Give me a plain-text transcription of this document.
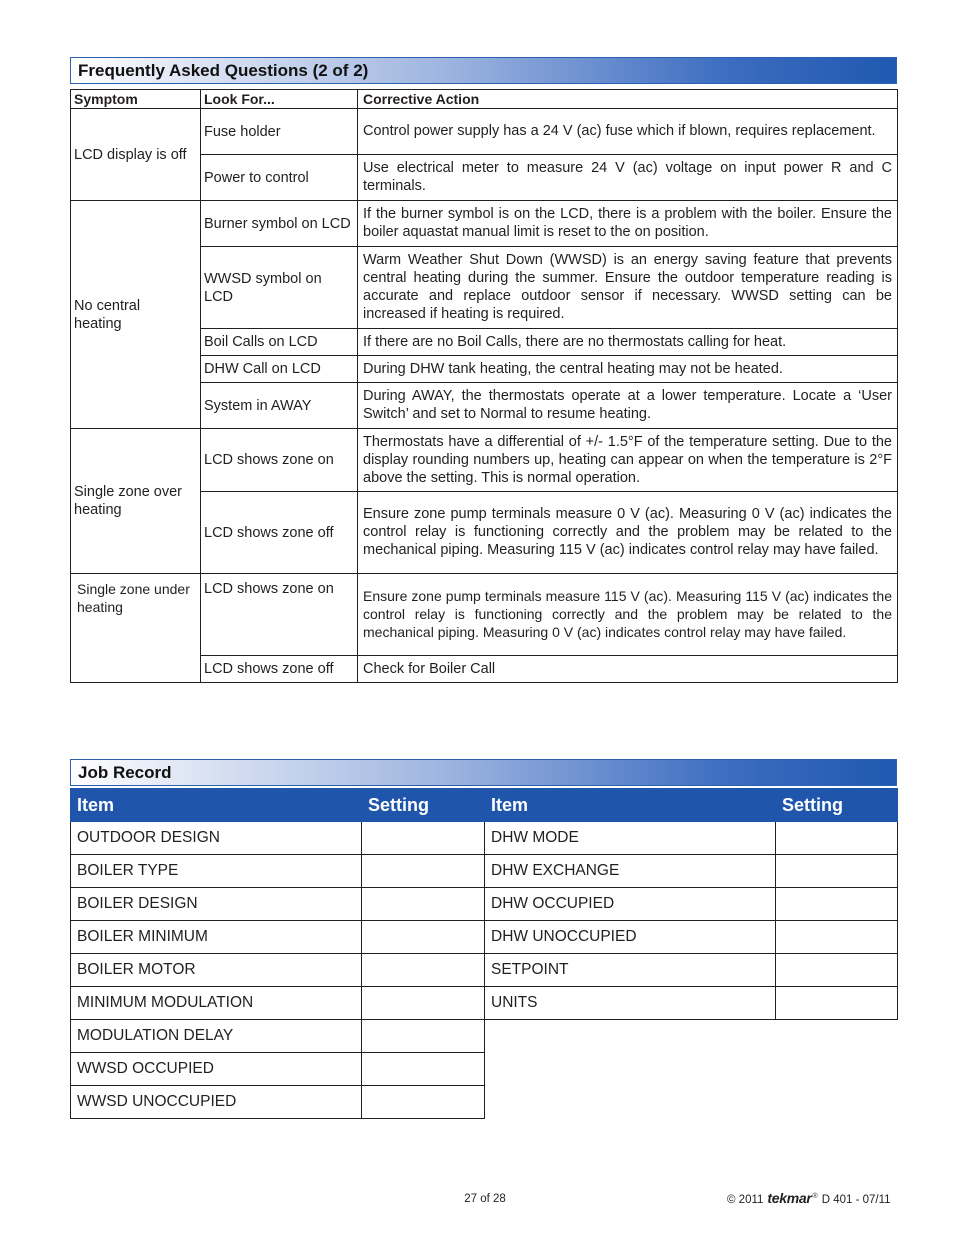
Frequently Asked Questions (2 of 2)
Symptom	Look For...	Corrective Action
LCD display is off	Fuse holder	Control power supply has a 24 V (ac) fuse which if blown, requires replacement.
	Power to control	Use electrical meter to measure 24 V (ac) voltage on input power R and C terminals.
No central heating	Burner symbol on LCD	If the burner symbol is on the LCD, there is a problem with the boiler. Ensure the boiler aquastat manual limit is reset to the on position.
	WWSD symbol on LCD	Warm Weather Shut Down (WWSD) is an energy saving feature that prevents central heating during the summer. Ensure the outdoor temperature reading is accurate and replace outdoor sensor if necessary. WWSD setting can be increased if heating is required.
	Boil Calls on LCD	If there are no Boil Calls, there are no thermostats calling for heat.
	DHW Call on LCD	During DHW tank heating, the central heating may not be heated.
	System in AWAY	During AWAY, the thermostats operate at a lower temperature. Locate a ‘User Switch’ and set to Normal to resume heating.
Single zone over heating	LCD shows zone on	Thermostats have a differential of +/- 1.5°F of the temperature setting. Due to the display rounding numbers up, heating can appear on when the temperature is 2°F above the setting. This is normal operation.
	LCD shows zone off	Ensure zone pump terminals measure 0 V (ac). Measuring 0 V (ac) indicates the control relay is functioning correctly and the problem may be related to the mechanical piping. Measuring 115 V (ac) indicates control relay may have failed.
Single zone under heating	LCD shows zone on	Ensure zone pump terminals measure 115 V (ac). Measuring 115 V (ac) indicates the control relay is functioning correctly and the problem may be related to the mechanical piping. Measuring 0 V (ac) indicates control relay may have failed.
	LCD shows zone off	Check for Boiler Call
Job Record
Item	Setting	Item	Setting
OUTDOOR DESIGN		DHW MODE	
BOILER TYPE		DHW EXCHANGE	
BOILER DESIGN		DHW OCCUPIED	
BOILER MINIMUM		DHW UNOCCUPIED	
BOILER MOTOR		SETPOINT	
MINIMUM MODULATION		UNITS	
MODULATION DELAY			
WWSD OCCUPIED			
WWSD UNOCCUPIED			
27 of 28	© 2011 tekmar® D 401 - 07/11
